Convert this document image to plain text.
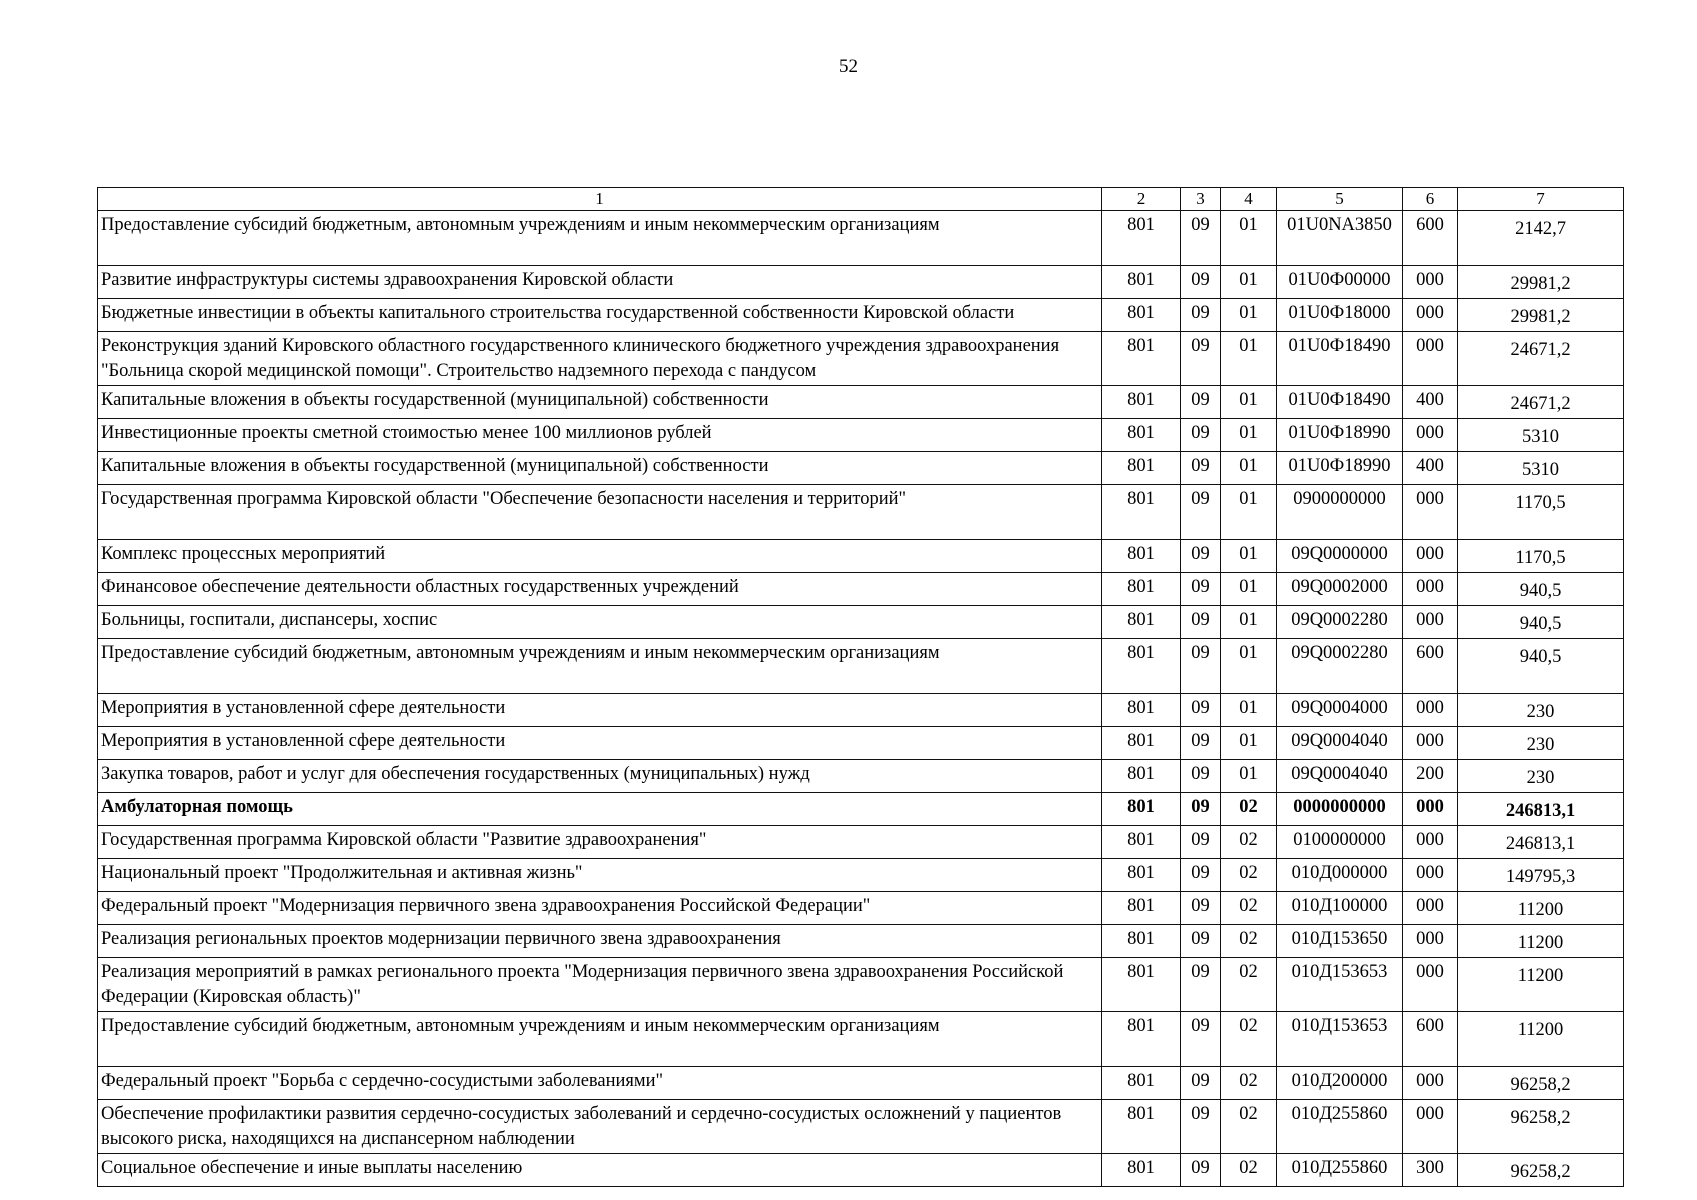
52
1	2	3	4	5	6	7
Предоставление субсидий бюджетным, автономным учреждениям и иным некоммерческим организациям	801	09	01	01U0NA3850	600	2142,7
Развитие инфраструктуры системы здравоохранения Кировской области	801	09	01	01U0Ф00000	000	29981,2
Бюджетные инвестиции в объекты капитального строительства государственной собственности Кировской области	801	09	01	01U0Ф18000	000	29981,2
Реконструкция зданий Кировского областного государственного клинического бюджетного учреждения здравоохранения "Больница скорой медицинской помощи". Строительство надземного перехода с пандусом	801	09	01	01U0Ф18490	000	24671,2
Капитальные вложения в объекты государственной (муниципальной) собственности	801	09	01	01U0Ф18490	400	24671,2
Инвестиционные проекты сметной стоимостью менее 100 миллионов рублей	801	09	01	01U0Ф18990	000	5310
Капитальные вложения в объекты государственной (муниципальной) собственности	801	09	01	01U0Ф18990	400	5310
Государственная программа Кировской области "Обеспечение безопасности населения и территорий"	801	09	01	0900000000	000	1170,5
Комплекс процессных мероприятий	801	09	01	09Q0000000	000	1170,5
Финансовое обеспечение деятельности областных государственных учреждений	801	09	01	09Q0002000	000	940,5
Больницы, госпитали, диспансеры, хоспис	801	09	01	09Q0002280	000	940,5
Предоставление субсидий бюджетным, автономным учреждениям и иным некоммерческим организациям	801	09	01	09Q0002280	600	940,5
Мероприятия в установленной сфере деятельности	801	09	01	09Q0004000	000	230
Мероприятия в установленной сфере деятельности	801	09	01	09Q0004040	000	230
Закупка товаров, работ и услуг для обеспечения государственных (муниципальных) нужд	801	09	01	09Q0004040	200	230
Амбулаторная помощь	801	09	02	0000000000	000	246813,1
Государственная программа Кировской области "Развитие здравоохранения"	801	09	02	0100000000	000	246813,1
Национальный проект "Продолжительная и активная жизнь"	801	09	02	010Д000000	000	149795,3
Федеральный проект "Модернизация первичного звена здравоохранения Российской Федерации"	801	09	02	010Д100000	000	11200
Реализация региональных проектов модернизации первичного звена здравоохранения	801	09	02	010Д153650	000	11200
Реализация мероприятий в рамках регионального проекта "Модернизация первичного звена здравоохранения Российской Федерации (Кировская область)"	801	09	02	010Д153653	000	11200
Предоставление субсидий бюджетным, автономным учреждениям и иным некоммерческим организациям	801	09	02	010Д153653	600	11200
Федеральный проект "Борьба с сердечно-сосудистыми заболеваниями"	801	09	02	010Д200000	000	96258,2
Обеспечение профилактики развития сердечно-сосудистых заболеваний и сердечно-сосудистых осложнений у пациентов высокого риска, находящихся на диспансерном наблюдении	801	09	02	010Д255860	000	96258,2
Социальное обеспечение и иные выплаты населению	801	09	02	010Д255860	300	96258,2
